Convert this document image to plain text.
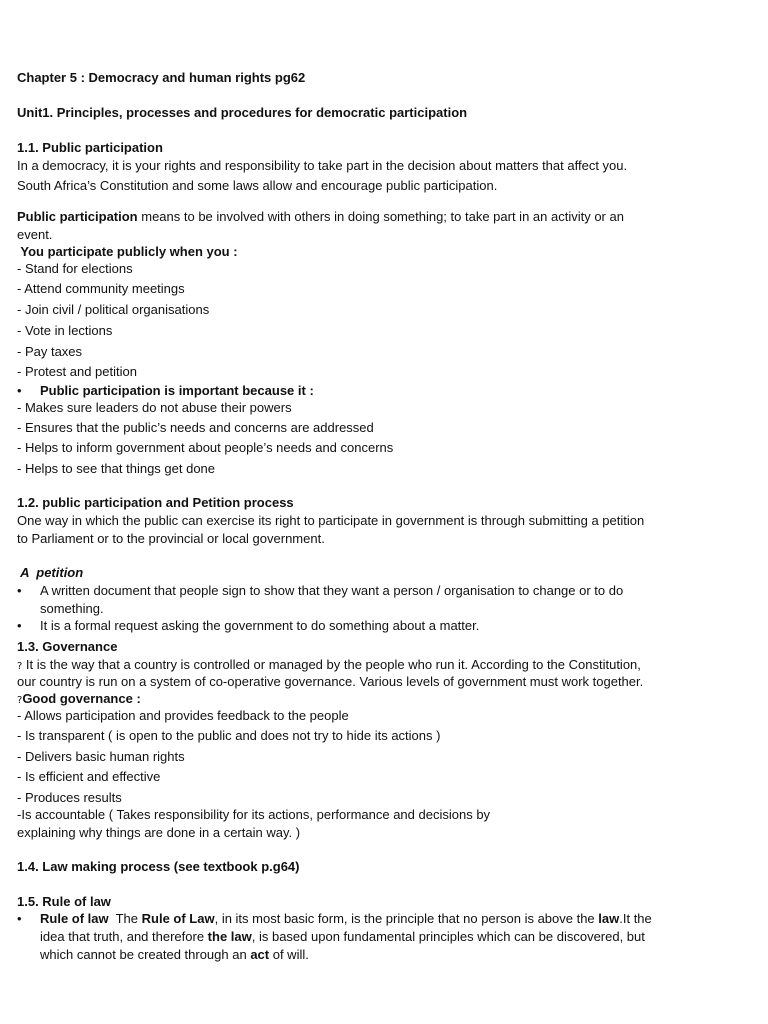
Chapter 5 : Democracy and human rights pg62
Unit1. Principles, processes and procedures for democratic participation
1.1. Public participation
In a democracy, it is your rights and responsibility to take part in the decision about matters that affect you.
South Africa’s Constitution and some laws allow and encourage public participation.
Public participation means to be involved with others in doing something; to take part in an activity or an
event.
You participate publicly when you :
- Stand for elections
- Attend community meetings
- Join civil / political organisations
- Vote in lections
- Pay taxes
- Protest and petition
•	Public participation is important because it :
- Makes sure leaders do not abuse their powers
- Ensures that the public’s needs and concerns are addressed
- Helps to inform government about people’s needs and concerns
- Helps to see that things get done
1.2. public participation and Petition process
One way in which the public can exercise its right to participate in government is through submitting a petition
to Parliament or to the provincial or local government.
A  petition
•	A written document that people sign to show that they want a person / organisation to change or to do
something.
•	It is a formal request asking the government to do something about a matter.
1.3. Governance
? It is the way that a country is controlled or managed by the people who run it. According to the Constitution,
our country is run on a system of co-operative governance. Various levels of government must work together.
?Good governance :
- Allows participation and provides feedback to the people
- Is transparent ( is open to the public and does not try to hide its actions )
- Delivers basic human rights
- Is efficient and effective
- Produces results
-Is accountable ( Takes responsibility for its actions, performance and decisions by
explaining why things are done in a certain way. )
1.4. Law making process (see textbook p.g64)
1.5. Rule of law
•	Rule of law  The Rule of Law, in its most basic form, is the principle that no person is above the law.It the
idea that truth, and therefore the law, is based upon fundamental principles which can be discovered, but
which cannot be created through an act of will.
